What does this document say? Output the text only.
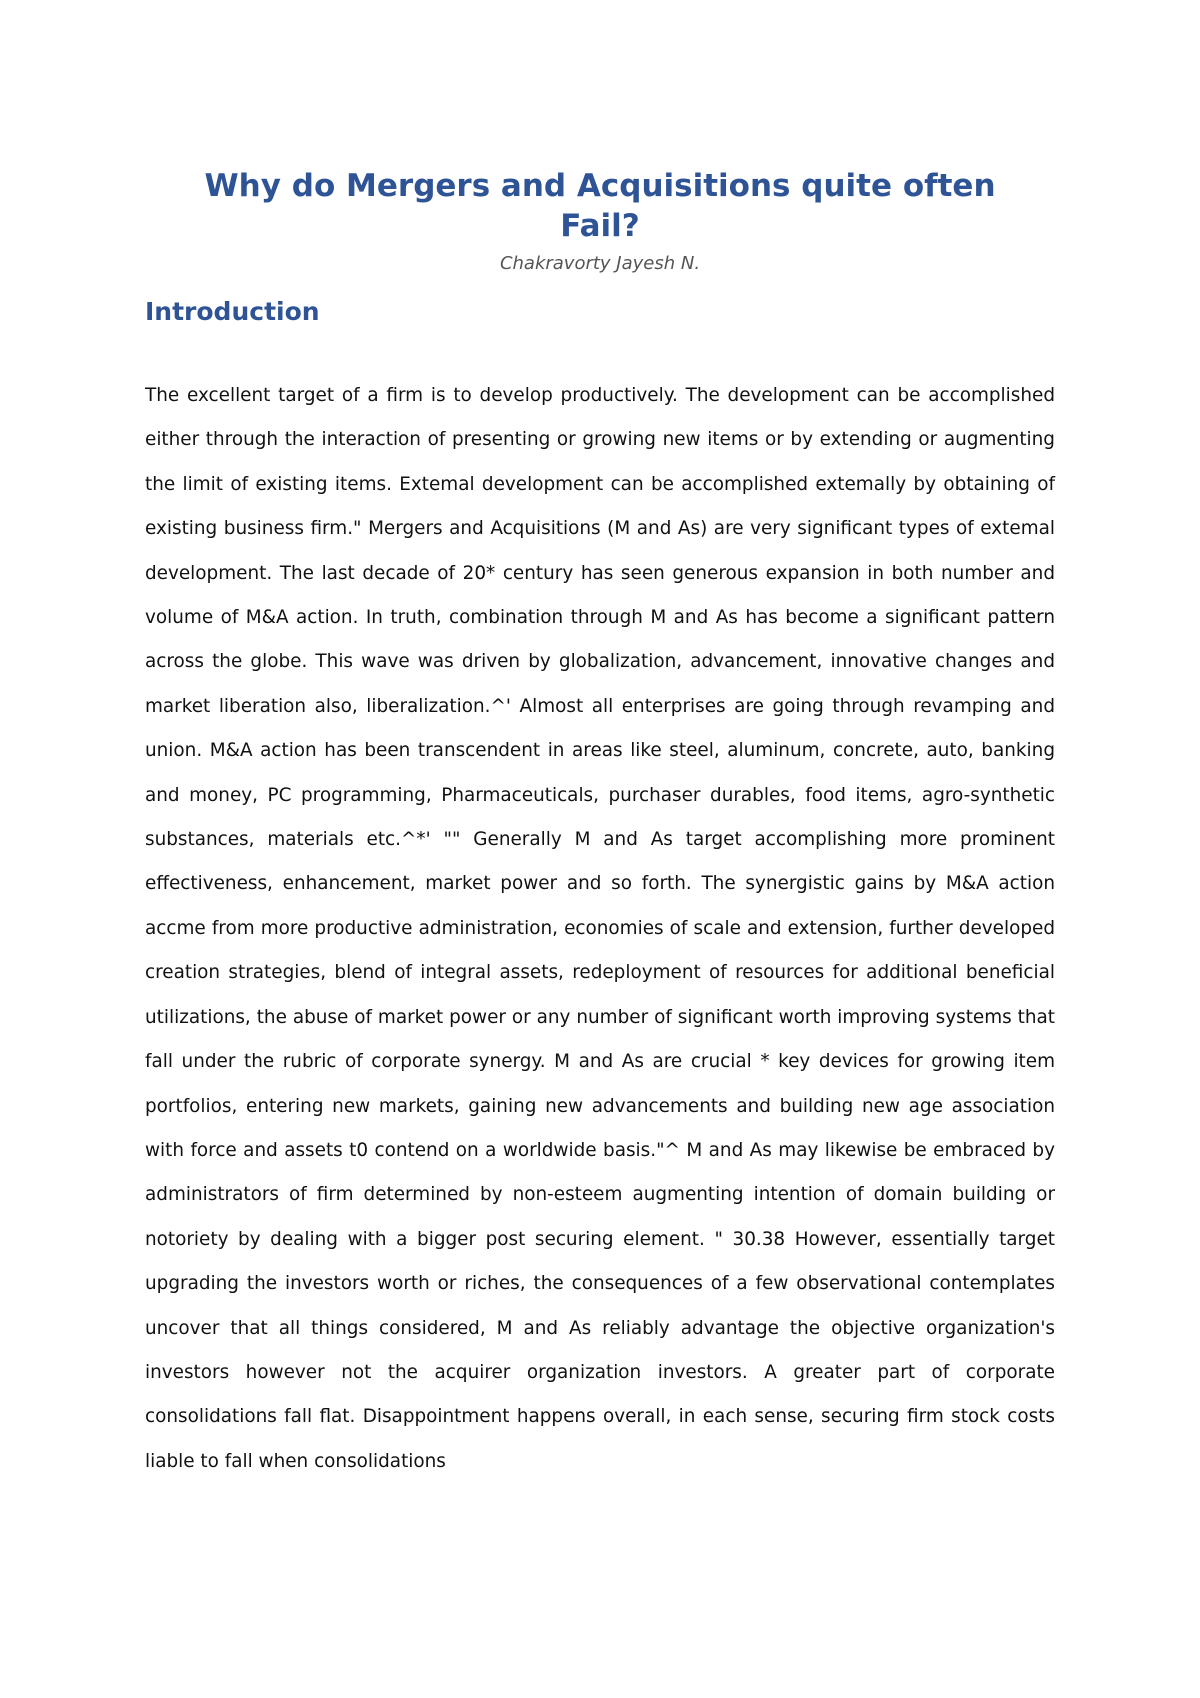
Why do Mergers and Acquisitions quite often Fail?

Chakravorty Jayesh N.

Introduction

The excellent target of a firm is to develop productively. The development can be accomplished either through the interaction of presenting or growing new items or by extending or augmenting the limit of existing items. Extemal development can be accomplished extemally by obtaining of existing business firm." Mergers and Acquisitions (M and As) are very significant types of extemal development. The last decade of 20* century has seen generous expansion in both number and volume of M&A action. In truth, combination through M and As has become a significant pattern across the globe. This wave was driven by globalization, advancement, innovative changes and market liberation also, liberalization.^' Almost all enterprises are going through revamping and union. M&A action has been transcendent in areas like steel, aluminum, concrete, auto, banking and money, PC programming, Pharmaceuticals, purchaser durables, food items, agro-synthetic substances, materials etc.^*' "" Generally M and As target accomplishing more prominent effectiveness, enhancement, market power and so forth. The synergistic gains by M&A action accme from more productive administration, economies of scale and extension, further developed creation strategies, blend of integral assets, redeployment of resources for additional beneficial utilizations, the abuse of market power or any number of significant worth improving systems that fall under the rubric of corporate synergy. M and As are crucial * key devices for growing item portfolios, entering new markets, gaining new advancements and building new age association with force and assets t0 contend on a worldwide basis."^ M and As may likewise be embraced by administrators of firm determined by non-esteem augmenting intention of domain building or notoriety by dealing with a bigger post securing element. " 30.38 However, essentially target upgrading the investors worth or riches, the consequences of a few observational contemplates uncover that all things considered, M and As reliably advantage the objective organization's investors however not the acquirer organization investors. A greater part of corporate consolidations fall flat. Disappointment happens overall, in each sense, securing firm stock costs liable to fall when consolidations
